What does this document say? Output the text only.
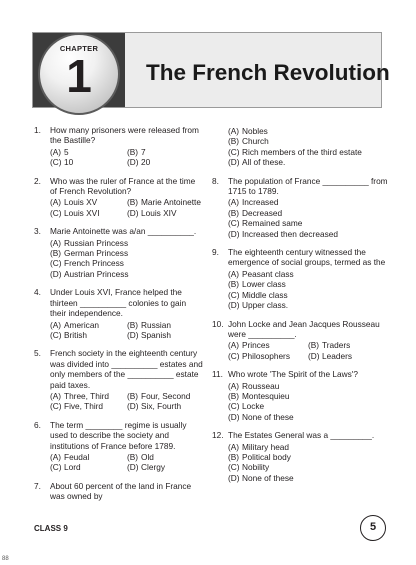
CHAPTER
1	The French Revolution
1. How many prisoners were released from the Bastille?
(A) 5	(B) 7
(C) 10	(D) 20
2. Who was the ruler of France at the time of French Revolution?
(A) Louis XV	(B) Marie Antoinette
(C) Louis XVI	(D) Louis XIV
3. Marie Antoinette was a/an __________.
(A) Russian Princess
(B) German Princess
(C) French Princess
(D) Austrian Princess
4. Under Louis XVI, France helped the thirteen __________ colonies to gain their independence.
(A) American	(B) Russian
(C) British	(D) Spanish
5. French society in the eighteenth century was divided into __________ estates and only members of the __________ estate paid taxes.
(A) Three, Third	(B) Four, Second
(C) Five, Third	(D) Six, Fourth
6. The term ________ regime is usually used to describe the society and institutions of France before 1789.
(A) Feudal	(B) Old
(C) Lord	(D) Clergy
7. About 60 percent of the land in France was owned by
(A) Nobles
(B) Church
(C) Rich members of the third estate
(D) All of these.
8. The population of France __________ from 1715 to 1789.
(A) Increased
(B) Decreased
(C) Remained same
(D) Increased then decreased
9. The eighteenth century witnessed the emergence of social groups, termed as the
(A) Peasant class
(B) Lower class
(C) Middle class
(D) Upper class.
10. John Locke and Jean Jacques Rousseau were __________.
(A) Princes	(B) Traders
(C) Philosophers	(D) Leaders
11. Who wrote 'The Spirit of the Laws'?
(A) Rousseau
(B) Montesquieu
(C) Locke
(D) None of these
12. The Estates General was a _________.
(A) Military head
(B) Political body
(C) Nobility
(D) None of these
CLASS 9	5
88
